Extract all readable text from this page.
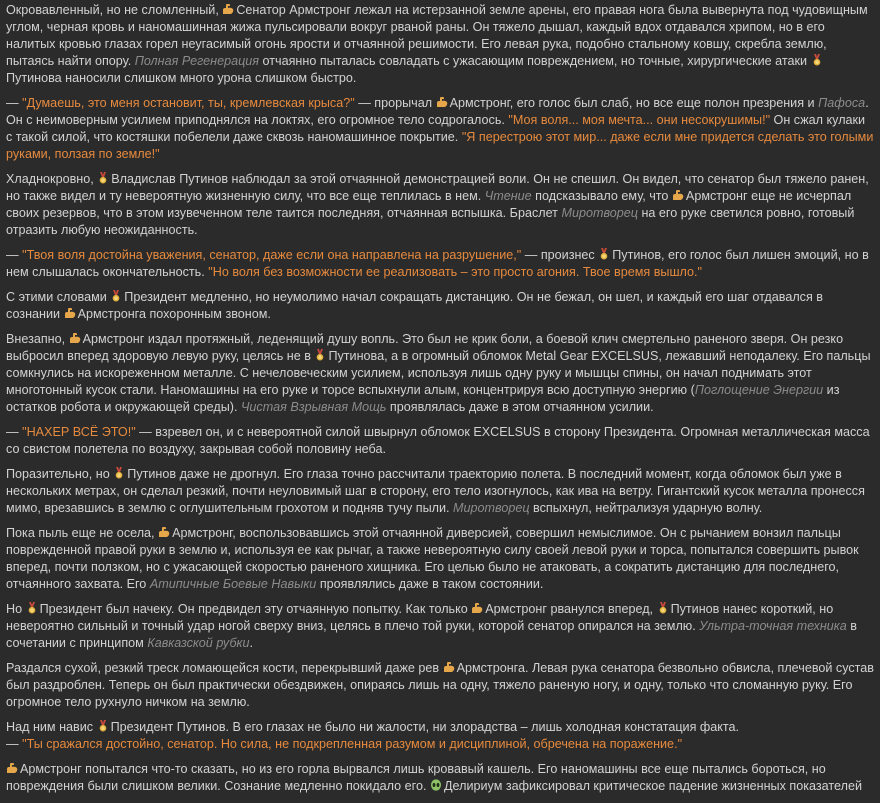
Окровавленный, но не сломленный,
Сенатор Армстронг лежал на истерзанной земле арены, его правая нога была вывернута под чудовищным углом, черная кровь и наномашинная жижа пульсировали вокруг рваной раны. Он тяжело дышал, каждый вдох отдавался хрипом, но в его налитых кровью глазах горел неугасимый огонь ярости и отчаянной решимости. Его левая рука, подобно стальному ковшу, скребла землю, пытаясь найти опору. Полная Регенерация отчаянно пыталась совладать с ужасающим повреждением, но точные, хирургические атаки
Путинова наносили слишком много урона слишком быстро.

— "Думаешь, это меня остановит, ты, кремлевская крыса?" — прорычал
Армстронг, его голос был слаб, но все еще полон презрения и Пафоса. Он с неимоверным усилием приподнялся на локтях, его огромное тело содрогалось. "Моя воля... моя мечта... они несокрушимы!" Он сжал кулаки с такой силой, что костяшки побелели даже сквозь наномашинное покрытие. "Я перестрою этот мир... даже если мне придется сделать это голыми руками, ползая по земле!"

Хладнокровно,
Владислав Путинов наблюдал за этой отчаянной демонстрацией воли. Он не спешил. Он видел, что сенатор был тяжело ранен, но также видел и ту невероятную жизненную силу, что все еще теплилась в нем. Чтение подсказывало ему, что
Армстронг еще не исчерпал своих резервов, что в этом изувеченном теле таится последняя, отчаянная вспышка. Браслет Миротворец на его руке светился ровно, готовый отразить любую неожиданность.

— "Твоя воля достойна уважения, сенатор, даже если она направлена на разрушение," — произнес
Путинов, его голос был лишен эмоций, но в нем слышалась окончательность. "Но воля без возможности ее реализовать – это просто агония. Твое время вышло."

С этими словами
Президент медленно, но неумолимо начал сокращать дистанцию. Он не бежал, он шел, и каждый его шаг отдавался в сознании
Армстронга похоронным звоном.

Внезапно,
Армстронг издал протяжный, леденящий душу вопль. Это был не крик боли, а боевой клич смертельно раненого зверя. Он резко выбросил вперед здоровую левую руку, целясь не в
Путинова, а в огромный обломок Metal Gear EXCELSUS, лежавший неподалеку. Его пальцы сомкнулись на искореженном металле. С нечеловеческим усилием, используя лишь одну руку и мышцы спины, он начал поднимать этот многотонный кусок стали. Наномашины на его руке и торсе вспыхнули алым, концентрируя всю доступную энергию (Поглощение Энергии из остатков робота и окружающей среды). Чистая Взрывная Мощь проявлялась даже в этом отчаянном усилии.

— "НАХЕР ВСЁ ЭТО!" — взревел он, и с невероятной силой швырнул обломок EXCELSUS в сторону Президента. Огромная металлическая масса со свистом полетела по воздуху, закрывая собой половину неба.

Поразительно, но
Путинов даже не дрогнул. Его глаза точно рассчитали траекторию полета. В последний момент, когда обломок был уже в нескольких метрах, он сделал резкий, почти неуловимый шаг в сторону, его тело изогнулось, как ива на ветру. Гигантский кусок металла пронесся мимо, врезавшись в землю с оглушительным грохотом и подняв тучу пыли. Миротворец вспыхнул, нейтрализуя ударную волну.

Пока пыль еще не осела,
Армстронг, воспользовавшись этой отчаянной диверсией, совершил немыслимое. Он с рычанием вонзил пальцы поврежденной правой руки в землю и, используя ее как рычаг, а также невероятную силу своей левой руки и торса, попытался совершить рывок вперед, почти ползком, но с ужасающей скоростью раненого хищника. Его целью было не атаковать, а сократить дистанцию для последнего, отчаянного захвата. Его Атипичные Боевые Навыки проявлялись даже в таком состоянии.

Но
Президент был начеку. Он предвидел эту отчаянную попытку. Как только
Армстронг рванулся вперед,
Путинов нанес короткий, но невероятно сильный и точный удар ногой сверху вниз, целясь в плечо той руки, которой сенатор опирался на землю. Ультра-точная техника в сочетании с принципом Кавказской рубки.

Раздался сухой, резкий треск ломающейся кости, перекрывший даже рев
Армстронга. Левая рука сенатора безвольно обвисла, плечевой сустав был раздроблен. Теперь он был практически обездвижен, опираясь лишь на одну, тяжело раненую ногу, и одну, только что сломанную руку. Его огромное тело рухнуло ничком на землю.

Над ним навис
Президент Путинов. В его глазах не было ни жалости, ни злорадства – лишь холодная констатация факта.
— "Ты сражался достойно, сенатор. Но сила, не подкрепленная разумом и дисциплиной, обречена на поражение."

Армстронг попытался что-то сказать, но из его горла вырвался лишь кровавый кашель. Его наномашины все еще пытались бороться, но повреждения были слишком велики. Сознание медленно покидало его.
Делириум зафиксировал критическое падение жизненных показателей
